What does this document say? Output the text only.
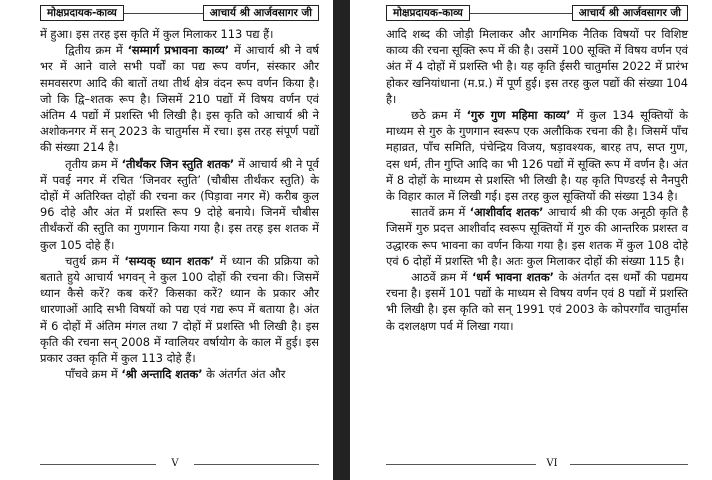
मोक्षप्रदायक-काव्य	आचार्य श्री आर्जवसागर जी

में हुआ। इस तरह इस कृति में कुल मिलाकर 113 पद्य हैं।

द्वितीय क्रम में ‘सम्मार्ग प्रभावना काव्य’ में आचार्य श्री ने वर्ष भर में आने वाले सभी पर्वों का पद्य रूप वर्णन, संस्कार और समवसरण आदि की बातों तथा तीर्थ क्षेत्र वंदन रूप वर्णन किया है। जो कि द्वि–शतक रूप है। जिसमें 210 पद्यों में विषय वर्णन एवं अंतिम 4 पद्यों में प्रशस्ति भी लिखी है। इस कृति को आचार्य श्री ने अशोकनगर में सन् 2023 के चातुर्मास में रचा। इस तरह संपूर्ण पद्यों की संख्या 214 है।

तृतीय क्रम में ‘तीर्थंकर जिन स्तुति शतक’ में आचार्य श्री ने पूर्व में पवई नगर में रचित ‘जिनवर स्तुति’ (चौबीस तीर्थंकर स्तुति) के दोहों में अतिरिक्त दोहों की रचना कर (पिड़ावा नगर में) करीब कुल 96 दोहे और अंत में प्रशस्ति रूप 9 दोहे बनाये। जिनमें चौबीस तीर्थंकरों की स्तुति का गुणगान किया गया है। इस तरह इस शतक में कुल 105 दोहे हैं।

चतुर्थ क्रम में ‘सम्यक् ध्यान शतक’ में ध्यान की प्रक्रिया को बताते हुये आचार्य भगवन् ने कुल 100 दोहों की रचना की। जिसमें ध्यान कैसे करें? कब करें? किसका करें? ध्यान के प्रकार और धारणाओं आदि सभी विषयों को पद्य एवं गद्य रूप में बताया है। अंत में 6 दोहों में अंतिम मंगल तथा 7 दोहों में प्रशस्ति भी लिखी है। इस कृति की रचना सन् 2008 में ग्वालियर वर्षायोग के काल में हुई। इस प्रकार उक्त कृति में कुल 113 दोहे हैं।

पाँचवे क्रम में ‘श्री अन्तादि शतक’ के अंतर्गत अंत और

V
मोक्षप्रदायक-काव्य	आचार्य श्री आर्जवसागर जी

आदि शब्द की जोड़ी मिलाकर और आगमिक नैतिक विषयों पर विशिष्ट काव्य की रचना सूक्ति रूप में की है। उसमें 100 सूक्ति में विषय वर्णन एवं अंत में 4 दोहों में प्रशस्ति भी है। यह कृति ईसरी चातुर्मास 2022 में प्रारंभ होकर खनियांधाना (म.प्र.) में पूर्ण हुई। इस तरह कुल पद्यों की संख्या 104 है।

छठे क्रम में ‘गुरु गुण महिमा काव्य’ में कुल 134 सूक्तियों के माध्यम से गुरु के गुणगान स्वरूप एक अलौकिक रचना की है। जिसमें पाँच महाव्रत, पाँच समिति, पंचेन्द्रिय विजय, षड़ावश्यक, बारह तप, सप्त गुण, दस धर्म, तीन गुप्ति आदि का भी 126 पद्यों में सूक्ति रूप में वर्णन है। अंत में 8 दोहों के माध्यम से प्रशस्ति भी लिखी है। यह कृति पिण्डरई से नैनपुरी के विहार काल में लिखी गई। इस तरह कुल सूक्तियों की संख्या 134 है।

सातवें क्रम में ‘आशीर्वाद शतक’ आचार्य श्री की एक अनूठी कृति है जिसमें गुरु प्रदत्त आशीर्वाद स्वरूप सूक्तियों में गुरु की आन्तरिक प्रशस्त व उद्धारक रूप भावना का वर्णन किया गया है। इस शतक में कुल 108 दोहे एवं 6 दोहों में प्रशस्ति भी है। अतः कुल मिलाकर दोहों की संख्या 115 है।

आठवें क्रम में ‘धर्म भावना शतक’ के अंतर्गत दस धर्मों की पद्यमय रचना है। इसमें 101 पद्यों के माध्यम से विषय वर्णन एवं 8 पद्यों में प्रशस्ति भी लिखी है। इस कृति को सन् 1991 एवं 2003 के कोपरगाँव चातुर्मास के दशलक्षण पर्व में लिखा गया।

VI
